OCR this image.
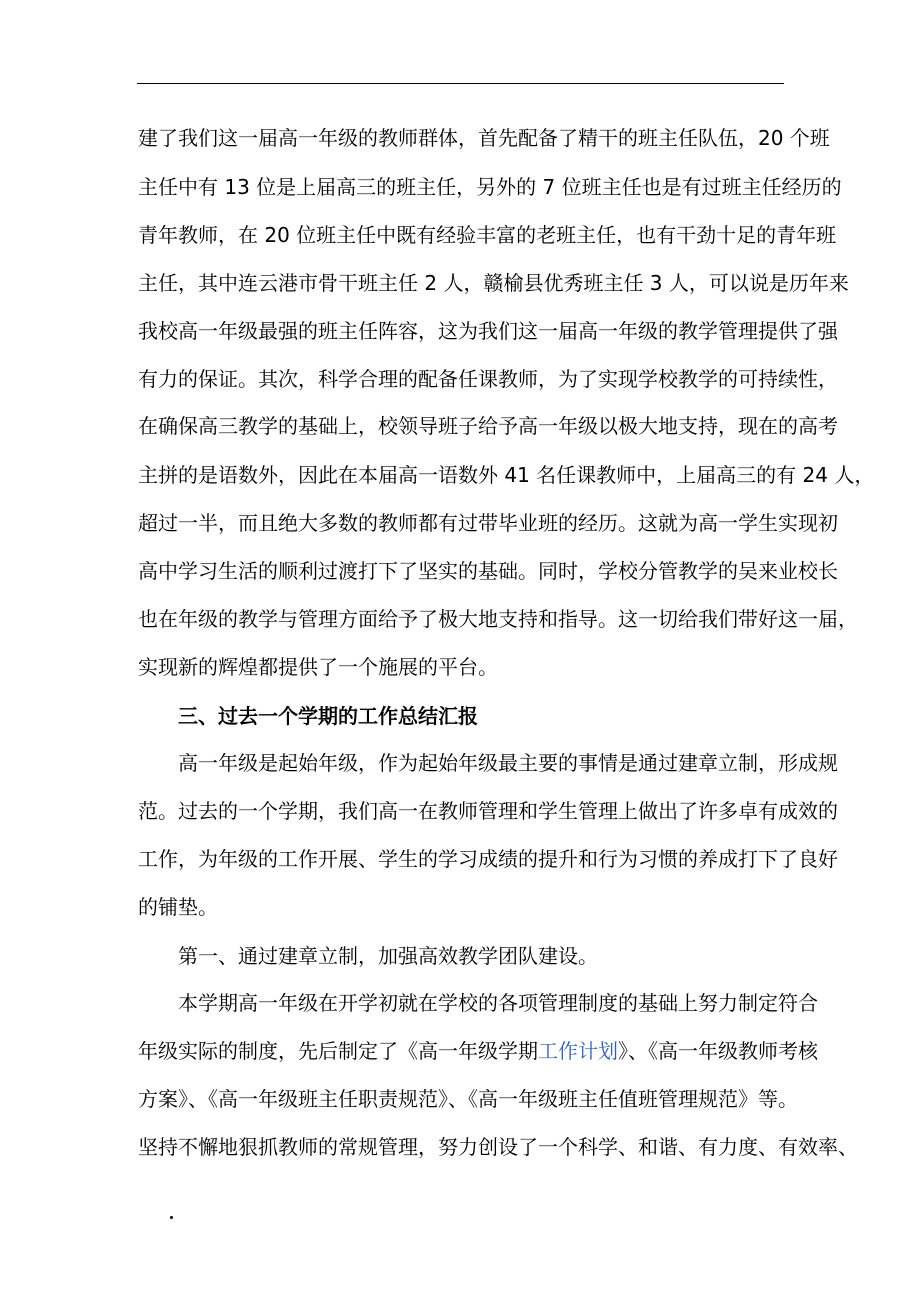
建了我们这一届高一年级的教师群体，首先配备了精干的班主任队伍，20 个班
主任中有 13 位是上届高三的班主任，另外的 7 位班主任也是有过班主任经历的
青年教师，在 20 位班主任中既有经验丰富的老班主任，也有干劲十足的青年班
主任，其中连云港市骨干班主任 2 人，赣榆县优秀班主任 3 人，可以说是历年来
我校高一年级最强的班主任阵容，这为我们这一届高一年级的教学管理提供了强
有力的保证。其次，科学合理的配备任课教师，为了实现学校教学的可持续性，
在确保高三教学的基础上，校领导班子给予高一年级以极大地支持，现在的高考
主拼的是语数外，因此在本届高一语数外 41 名任课教师中，上届高三的有 24 人，
超过一半，而且绝大多数的教师都有过带毕业班的经历。这就为高一学生实现初
高中学习生活的顺利过渡打下了坚实的基础。同时，学校分管教学的吴来业校长
也在年级的教学与管理方面给予了极大地支持和指导。这一切给我们带好这一届，
实现新的辉煌都提供了一个施展的平台。
三、过去一个学期的工作总结汇报
高一年级是起始年级，作为起始年级最主要的事情是通过建章立制，形成规
范。过去的一个学期，我们高一在教师管理和学生管理上做出了许多卓有成效的
工作，为年级的工作开展、学生的学习成绩的提升和行为习惯的养成打下了良好
的铺垫。
第一、通过建章立制，加强高效教学团队建设。
本学期高一年级在开学初就在学校的各项管理制度的基础上努力制定符合
年级实际的制度，先后制定了《高一年级学期工作计划》、《高一年级教师考核
方案》、《高一年级班主任职责规范》、《高一年级班主任值班管理规范》等。
坚持不懈地狠抓教师的常规管理，努力创设了一个科学、和谐、有力度、有效率、
